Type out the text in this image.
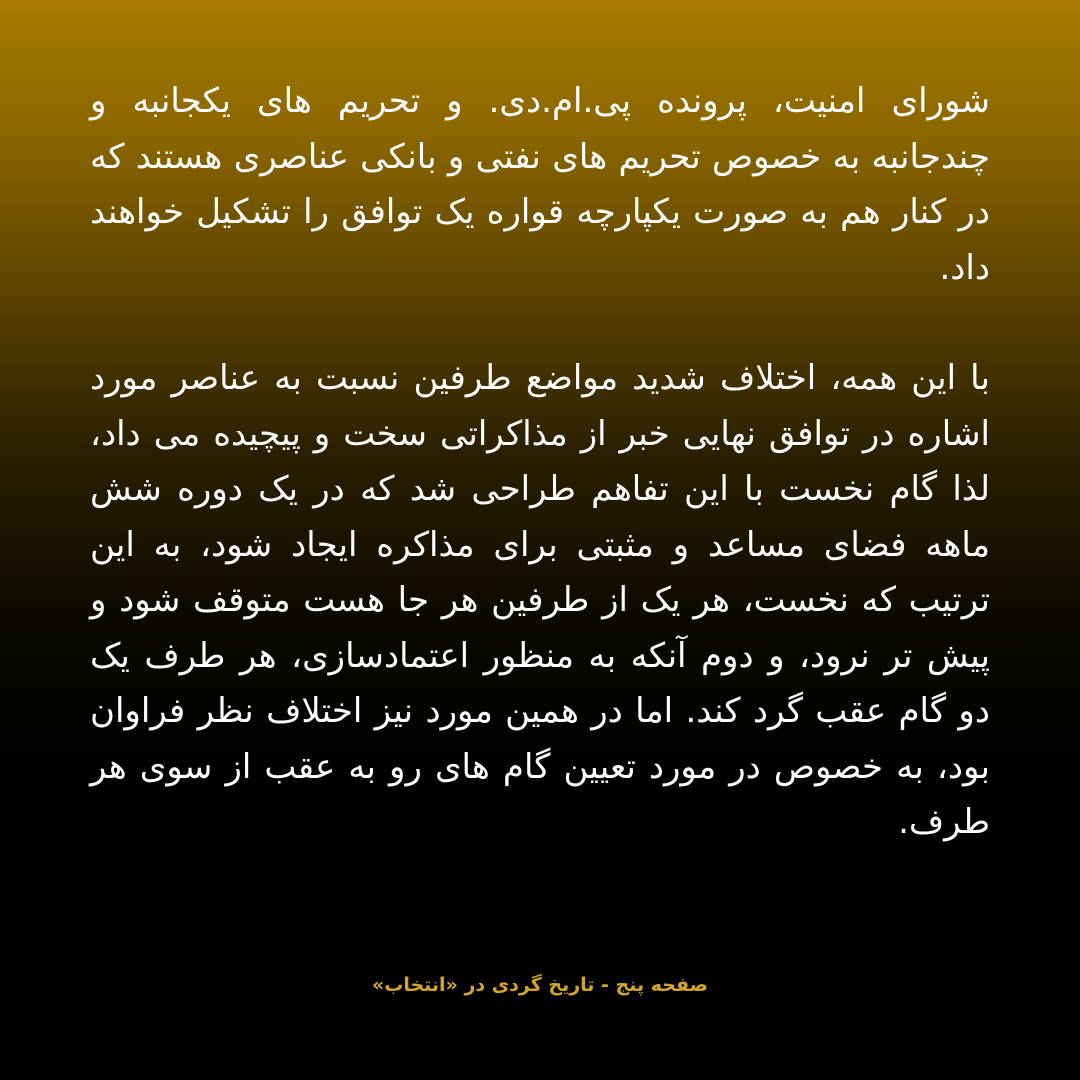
شورای امنیت، پرونده پی.ام.دی. و تحریم های یکجانبه و چندجانبه به خصوص تحریم های نفتی و بانکی عناصری هستند که در کنار هم به صورت یکپارچه قواره یک توافق را تشکیل خواهند داد.

با این همه، اختلاف شدید مواضع طرفین نسبت به عناصر مورد اشاره در توافق نهایی خبر از مذاکراتی سخت و پیچیده می داد، لذا گام نخست با این تفاهم طراحی شد که در یک دوره شش ماهه فضای مساعد و مثبتی برای مذاکره ایجاد شود، به این ترتیب که نخست، هر یک از طرفین هر جا هست متوقف شود و پیش تر نرود، و دوم آنکه به منظور اعتمادسازی، هر طرف یک دو گام عقب گرد کند. اما در همین مورد نیز اختلاف نظر فراوان بود، به خصوص در مورد تعیین گام های رو به عقب از سوی هر طرف.

صفحه پنج - تاریخ گردی در «انتخاب»
